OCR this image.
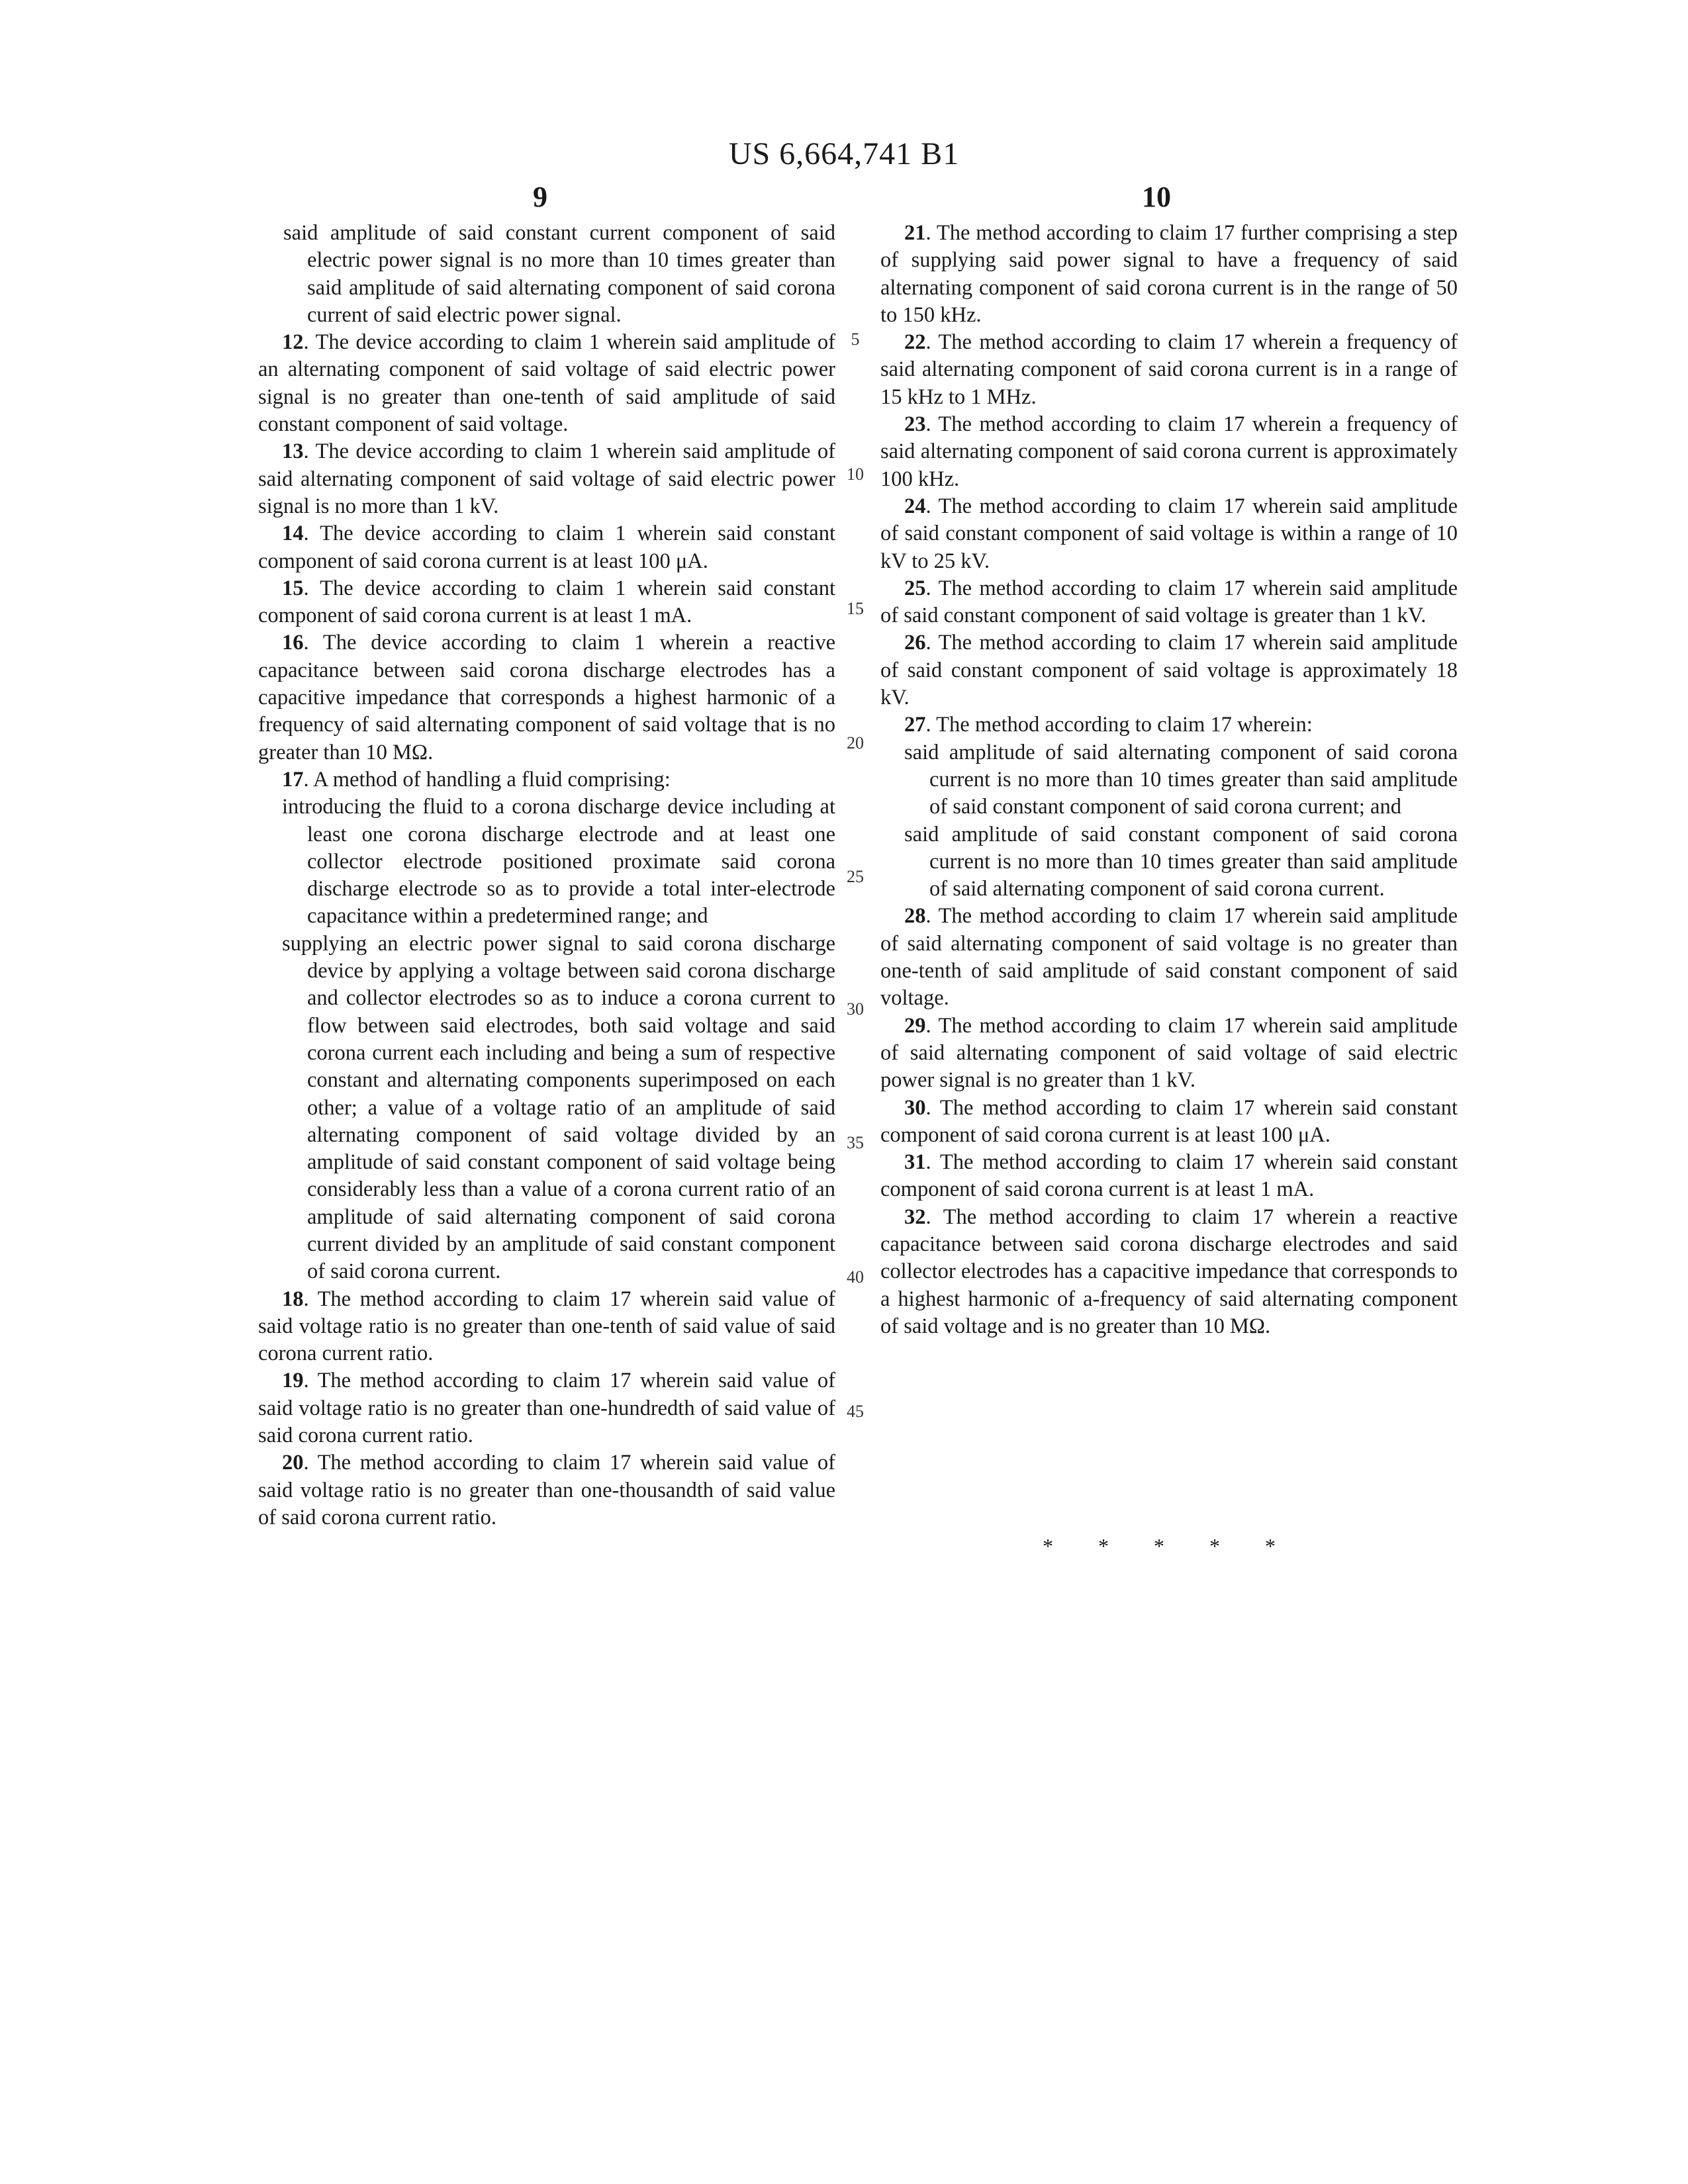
US 6,664,741 B1
9	10

said amplitude of said constant current component of said electric power signal is no more than 10 times greater than said amplitude of said alternating component of said corona current of said electric power signal.

12. The device according to claim 1 wherein said amplitude of an alternating component of said voltage of said electric power signal is no greater than one-tenth of said amplitude of said constant component of said voltage.

13. The device according to claim 1 wherein said amplitude of said alternating component of said voltage of said electric power signal is no more than 1 kV.

14. The device according to claim 1 wherein said constant component of said corona current is at least 100 μA.

15. The device according to claim 1 wherein said constant component of said corona current is at least 1 mA.

16. The device according to claim 1 wherein a reactive capacitance between said corona discharge electrodes has a capacitive impedance that corresponds a highest harmonic of a frequency of said alternating component of said voltage that is no greater than 10 MΩ.

17. A method of handling a fluid comprising:

introducing the fluid to a corona discharge device including at least one corona discharge electrode and at least one collector electrode positioned proximate said corona discharge electrode so as to provide a total inter-electrode capacitance within a predetermined range; and

supplying an electric power signal to said corona discharge device by applying a voltage between said corona discharge and collector electrodes so as to induce a corona current to flow between said electrodes, both said voltage and said corona current each including and being a sum of respective constant and alternating components superimposed on each other; a value of a voltage ratio of an amplitude of said alternating component of said voltage divided by an amplitude of said constant component of said voltage being considerably less than a value of a corona current ratio of an amplitude of said alternating component of said corona current divided by an amplitude of said constant component of said corona current.

18. The method according to claim 17 wherein said value of said voltage ratio is no greater than one-tenth of said value of said corona current ratio.

19. The method according to claim 17 wherein said value of said voltage ratio is no greater than one-hundredth of said value of said corona current ratio.

20. The method according to claim 17 wherein said value of said voltage ratio is no greater than one-thousandth of said value of said corona current ratio.

5
10
15
20
25
30
35
40
45

21. The method according to claim 17 further comprising a step of supplying said power signal to have a frequency of said alternating component of said corona current is in the range of 50 to 150 kHz.

22. The method according to claim 17 wherein a frequency of said alternating component of said corona current is in a range of 15 kHz to 1 MHz.

23. The method according to claim 17 wherein a frequency of said alternating component of said corona current is approximately 100 kHz.

24. The method according to claim 17 wherein said amplitude of said constant component of said voltage is within a range of 10 kV to 25 kV.

25. The method according to claim 17 wherein said amplitude of said constant component of said voltage is greater than 1 kV.

26. The method according to claim 17 wherein said amplitude of said constant component of said voltage is approximately 18 kV.

27. The method according to claim 17 wherein:

said amplitude of said alternating component of said corona current is no more than 10 times greater than said amplitude of said constant component of said corona current; and

said amplitude of said constant component of said corona current is no more than 10 times greater than said amplitude of said alternating component of said corona current.

28. The method according to claim 17 wherein said amplitude of said alternating component of said voltage is no greater than one-tenth of said amplitude of said constant component of said voltage.

29. The method according to claim 17 wherein said amplitude of said alternating component of said voltage of said electric power signal is no greater than 1 kV.

30. The method according to claim 17 wherein said constant component of said corona current is at least 100 μA.

31. The method according to claim 17 wherein said constant component of said corona current is at least 1 mA.

32. The method according to claim 17 wherein a reactive capacitance between said corona discharge electrodes and said collector electrodes has a capacitive impedance that corresponds to a highest harmonic of a-frequency of said alternating component of said voltage and is no greater than 10 MΩ.

* * * * *
